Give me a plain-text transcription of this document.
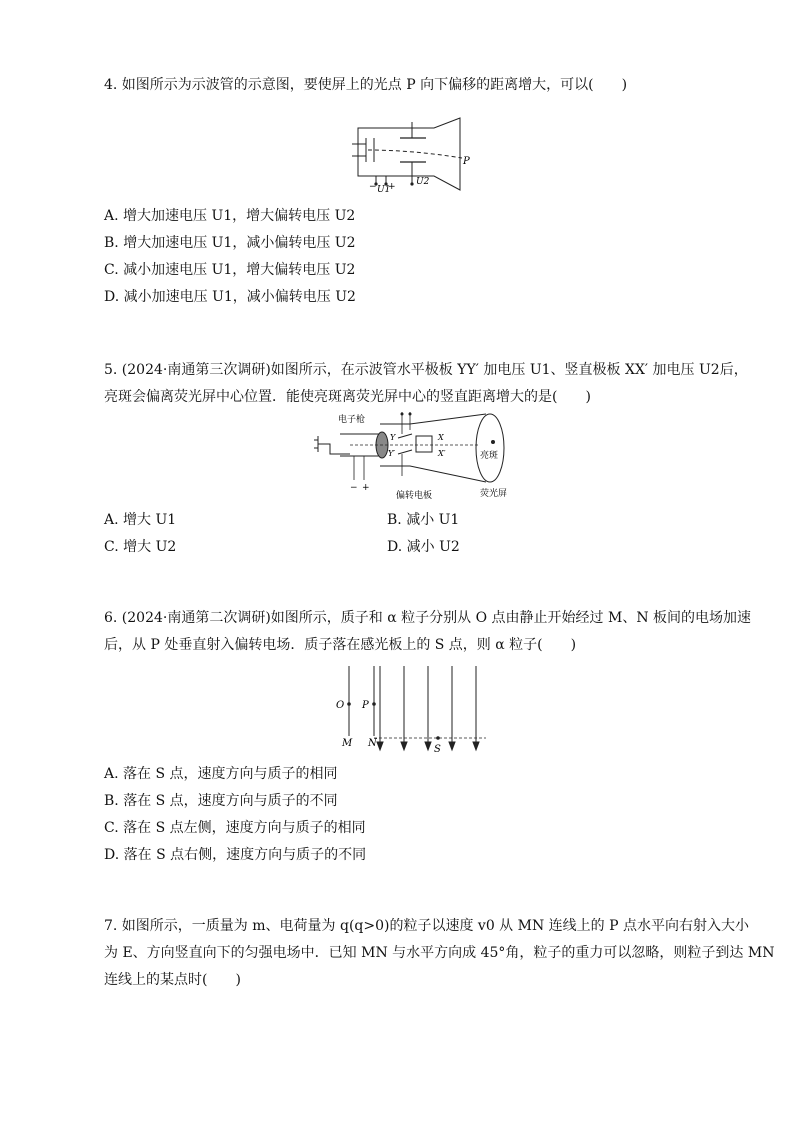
4. 如图所示为示波管的示意图，要使屏上的光点 P 向下偏移的距离增大，可以(　　)
− U1
+ U2
P
A. 增大加速电压 U1，增大偏转电压 U2
B. 增大加速电压 U1，减小偏转电压 U2
C. 减小加速电压 U1，增大偏转电压 U2
D. 减小加速电压 U1，减小偏转电压 U2
5. (2024·南通第三次调研)如图所示，在示波管水平极板 YY′ 加电压 U1、竖直极板 XX′ 加电压 U2后，
亮斑会偏离荧光屏中心位置．能使亮斑离荧光屏中心的竖直距离增大的是(　　)
电子枪
Y
Y′
X
X′	亮斑
− +
偏转电板	荧光屏
A. 增大 U1	B. 减小 U1
C. 增大 U2	D. 减小 U2
6. (2024·南通第二次调研)如图所示，质子和 α 粒子分别从 O 点由静止开始经过 M、N 板间的电场加速
后，从 P 处垂直射入偏转电场．质子落在感光板上的 S 点，则 α 粒子(　　)
O P
M N
S
A. 落在 S 点，速度方向与质子的相同
B. 落在 S 点，速度方向与质子的不同
C. 落在 S 点左侧，速度方向与质子的相同
D. 落在 S 点右侧，速度方向与质子的不同
7. 如图所示，一质量为 m、电荷量为 q(q>0)的粒子以速度 v0 从 MN 连线上的 P 点水平向右射入大小
为 E、方向竖直向下的匀强电场中．已知 MN 与水平方向成 45°角，粒子的重力可以忽略，则粒子到达 MN
连线上的某点时(　　)
